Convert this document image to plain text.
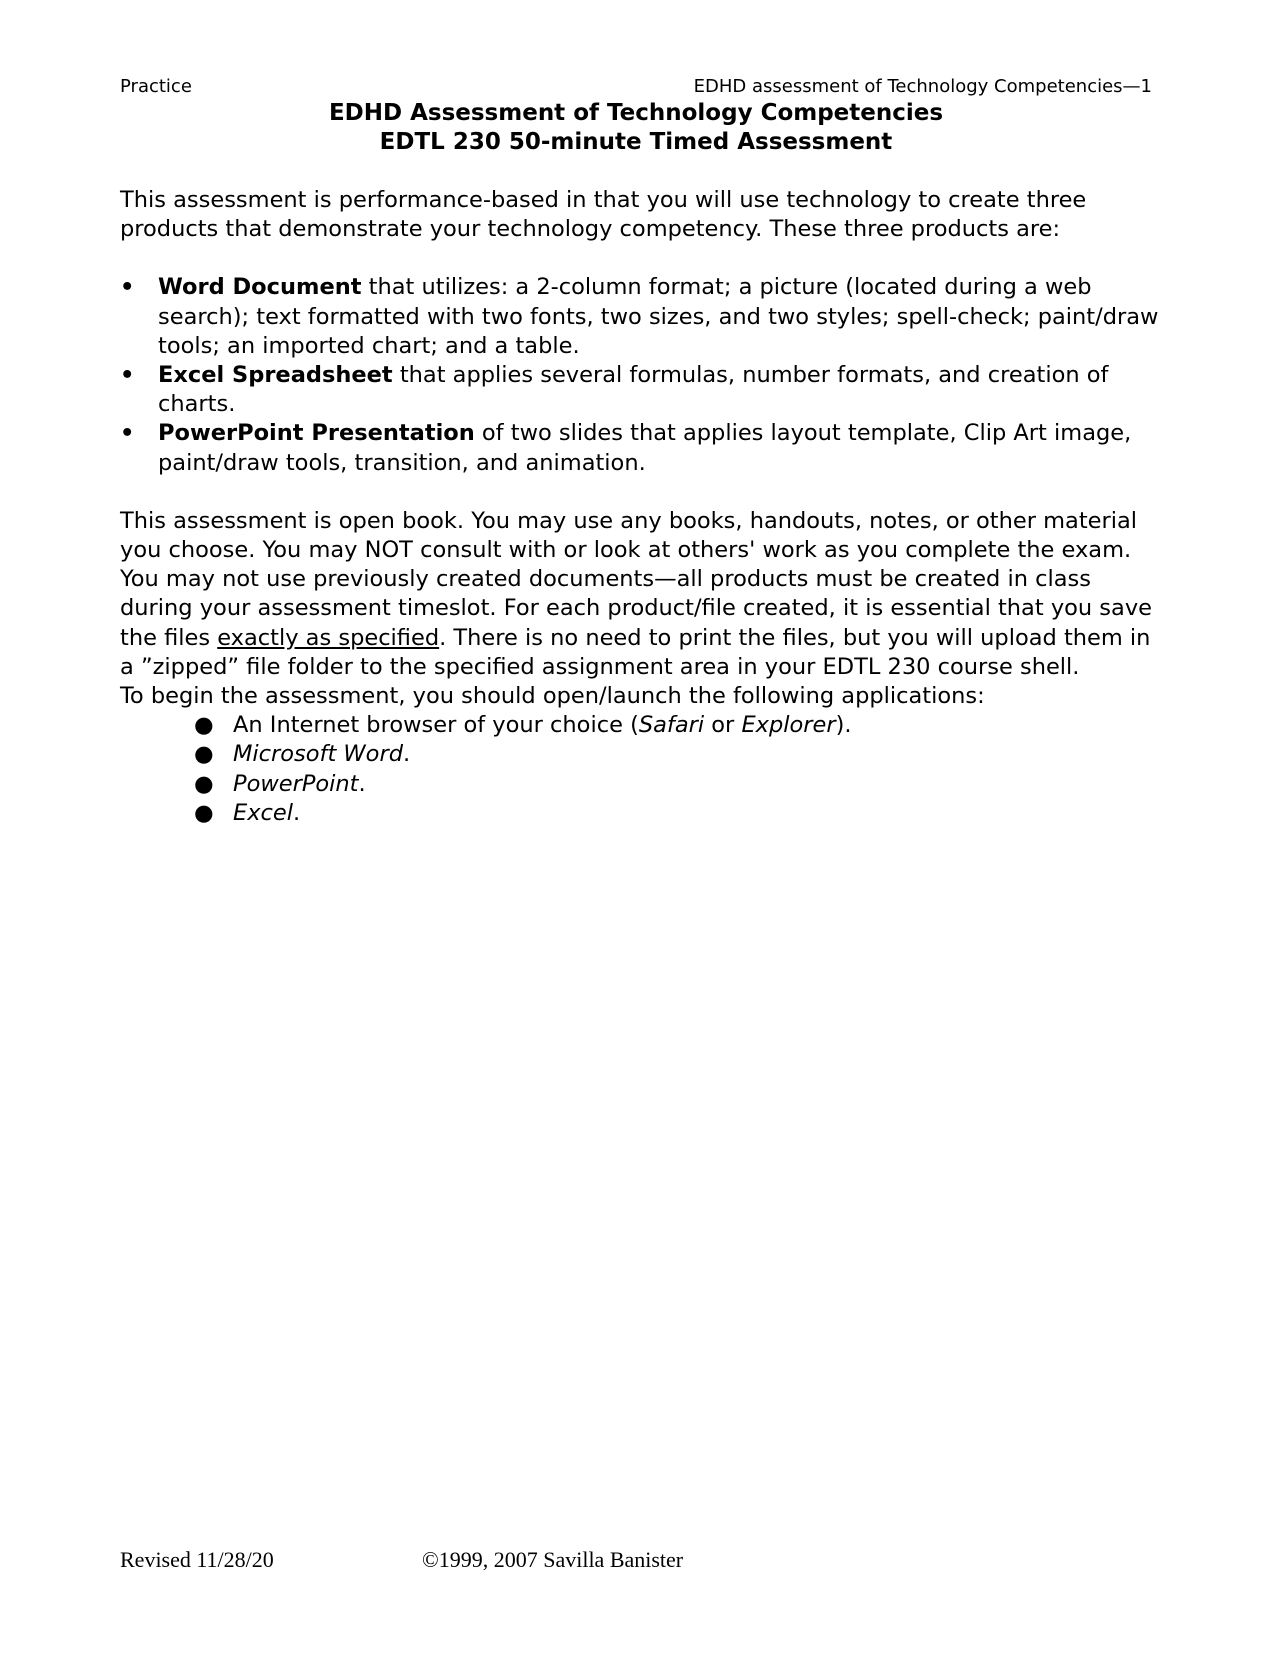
Practice	EDHD assessment of Technology Competencies—1
EDHD Assessment of Technology Competencies
EDTL 230 50-minute Timed Assessment

This assessment is performance-based in that you will use technology to create three products that demonstrate your technology competency. These three products are:

• Word Document that utilizes: a 2-column format; a picture (located during a web search); text formatted with two fonts, two sizes, and two styles; spell-check; paint/draw tools; an imported chart; and a table.
• Excel Spreadsheet that applies several formulas, number formats, and creation of charts.
• PowerPoint Presentation of two slides that applies layout template, Clip Art image, paint/draw tools, transition, and animation.

This assessment is open book. You may use any books, handouts, notes, or other material you choose. You may NOT consult with or look at others' work as you complete the exam. You may not use previously created documents—all products must be created in class during your assessment timeslot. For each product/file created, it is essential that you save the files exactly as specified. There is no need to print the files, but you will upload them in a ”zipped” file folder to the specified assignment area in your EDTL 230 course shell.

To begin the assessment, you should open/launch the following applications:

● An Internet browser of your choice (Safari or Explorer).
● Microsoft Word.
● PowerPoint.
● Excel.
Revised 11/28/20	©1999, 2007 Savilla Banister
